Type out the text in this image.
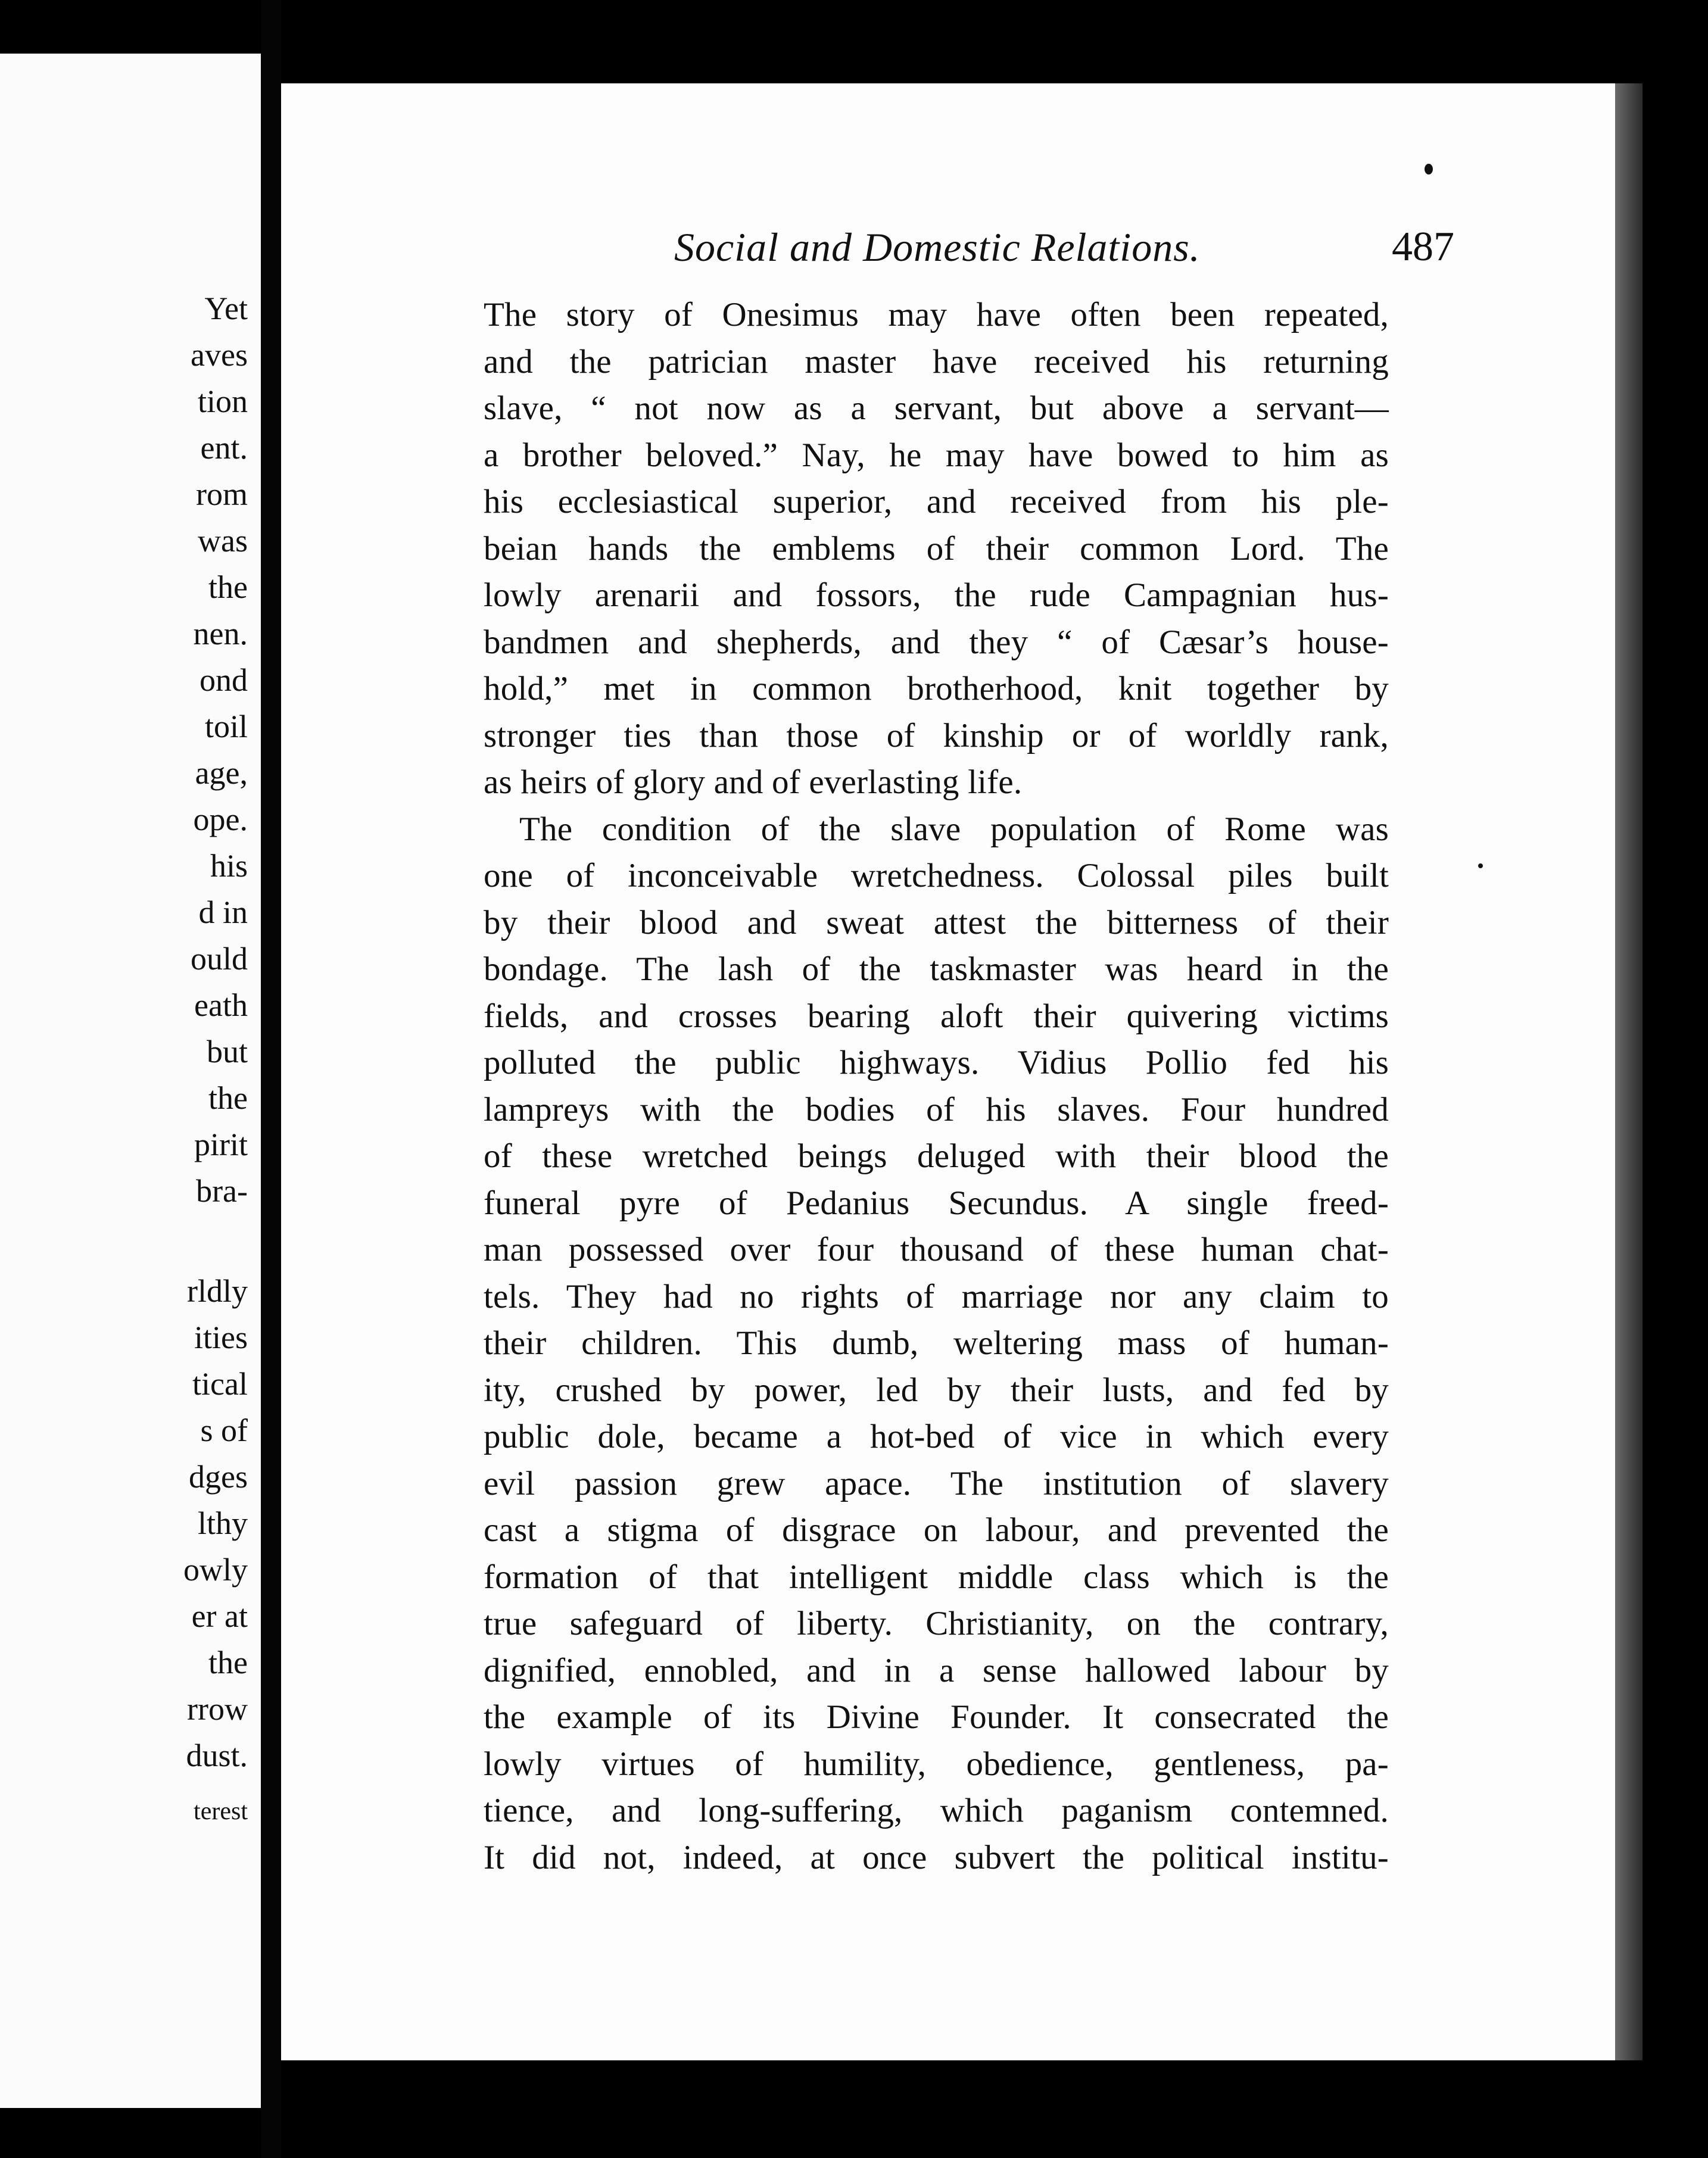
Yet
aves
tion
ent.
rom
was
the
nen.
ond
toil
age,
ope.
his
d in
ould
eath
but
the
pirit
bra-
rldly
ities
tical
s of
dges
lthy
owly
er at
the
rrow
dust.
terest
Social and Domestic Relations.	487
The story of Onesimus may have often been repeated,
and the patrician master have received his returning
slave, “ not now as a servant, but above a servant—
a brother beloved.” Nay, he may have bowed to him as
his ecclesiastical superior, and received from his ple-
beian hands the emblems of their common Lord. The
lowly arenarii and fossors, the rude Campagnian hus-
bandmen and shepherds, and they “ of Cæsar’s house-
hold,” met in common brotherhood, knit together by
stronger ties than those of kinship or of worldly rank,
as heirs of glory and of everlasting life.
The condition of the slave population of Rome was
one of inconceivable wretchedness. Colossal piles built
by their blood and sweat attest the bitterness of their
bondage. The lash of the taskmaster was heard in the
fields, and crosses bearing aloft their quivering victims
polluted the public highways. Vidius Pollio fed his
lampreys with the bodies of his slaves. Four hundred
of these wretched beings deluged with their blood the
funeral pyre of Pedanius Secundus. A single freed-
man possessed over four thousand of these human chat-
tels. They had no rights of marriage nor any claim to
their children. This dumb, weltering mass of human-
ity, crushed by power, led by their lusts, and fed by
public dole, became a hot-bed of vice in which every
evil passion grew apace. The institution of slavery
cast a stigma of disgrace on labour, and prevented the
formation of that intelligent middle class which is the
true safeguard of liberty. Christianity, on the contrary,
dignified, ennobled, and in a sense hallowed labour by
the example of its Divine Founder. It consecrated the
lowly virtues of humility, obedience, gentleness, pa-
tience, and long-suffering, which paganism contemned.
It did not, indeed, at once subvert the political institu-
